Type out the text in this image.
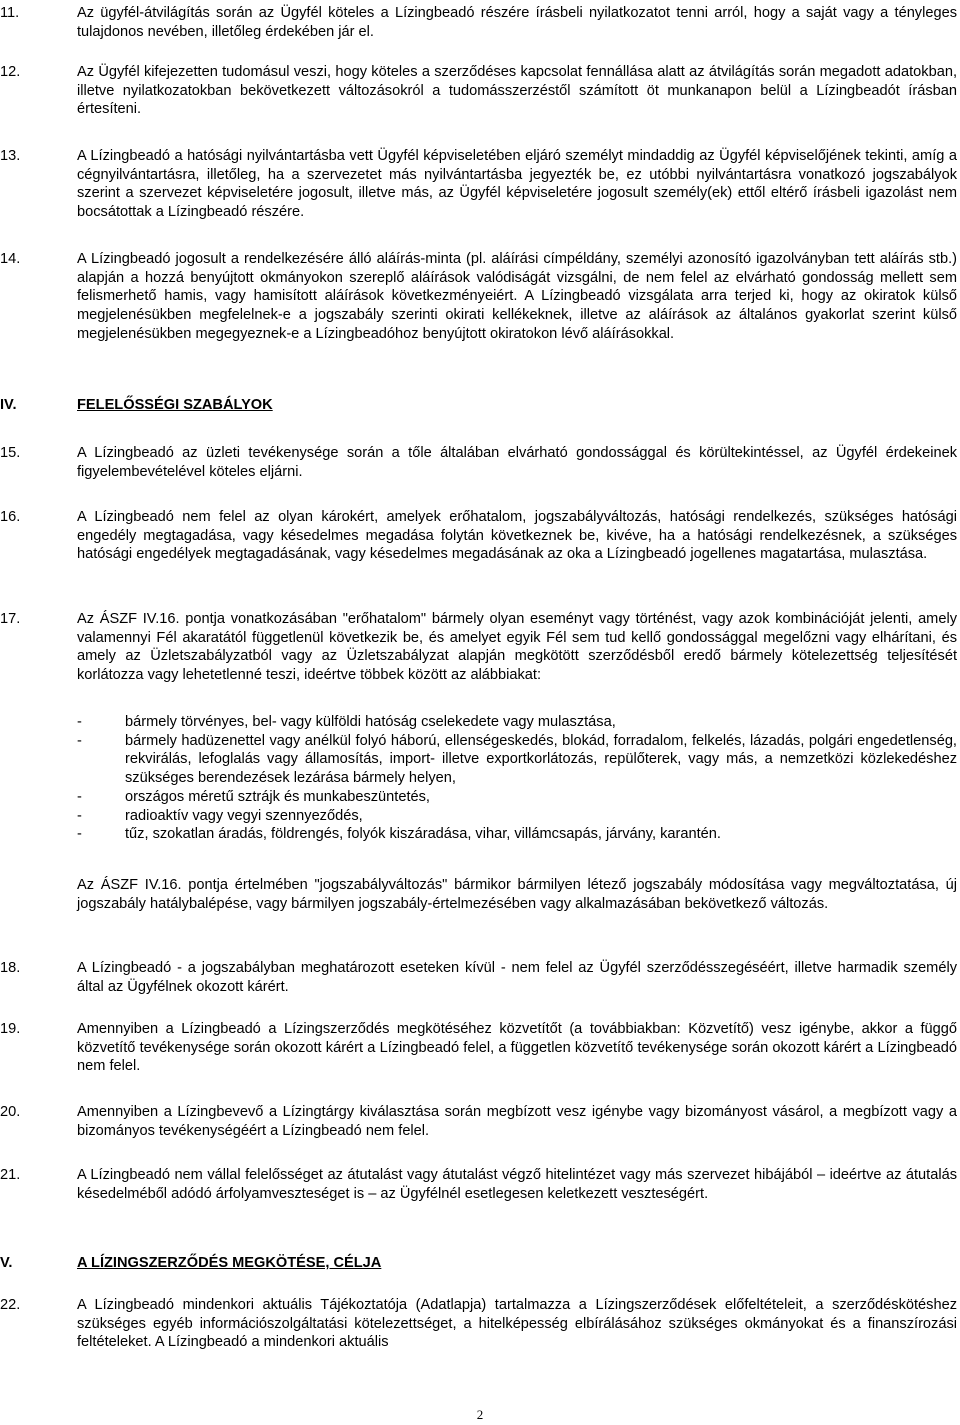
11.	Az ügyfél-átvilágítás során az Ügyfél köteles a Lízingbeadó részére írásbeli nyilatkozatot tenni arról, hogy a saját vagy a tényleges tulajdonos nevében, illetőleg érdekében jár el.
12.	Az Ügyfél kifejezetten tudomásul veszi, hogy köteles a szerződéses kapcsolat fennállása alatt az átvilágítás során megadott adatokban, illetve nyilatkozatokban bekövetkezett változásokról a tudomásszerzéstől számított öt munkanapon belül a Lízingbeadót írásban értesíteni.
13.	A Lízingbeadó a hatósági nyilvántartásba vett Ügyfél képviseletében eljáró személyt mindaddig az Ügyfél képviselőjének tekinti, amíg a cégnyilvántartásra, illetőleg, ha a szervezetet más nyilvántartásba jegyezték be, ez utóbbi nyilvántartásra vonatkozó jogszabályok szerint a szervezet képviseletére jogosult, illetve más, az Ügyfél képviseletére jogosult személy(ek) ettől eltérő írásbeli igazolást nem bocsátottak a Lízingbeadó részére.
14.	A Lízingbeadó jogosult a rendelkezésére álló aláírás-minta (pl. aláírási címpéldány, személyi azonosító igazolványban tett aláírás stb.) alapján a hozzá benyújtott okmányokon szereplő aláírások valódiságát vizsgálni, de nem felel az elvárható gondosság mellett sem felismerhető hamis, vagy hamisított aláírások következményeiért. A Lízingbeadó vizsgálata arra terjed ki, hogy az okiratok külső megjelenésükben megfelelnek-e a jogszabály szerinti okirati kellékeknek, illetve az aláírások az általános gyakorlat szerint külső megjelenésükben megegyeznek-e a Lízingbeadóhoz benyújtott okiratokon lévő aláírásokkal.
IV.	FELELŐSSÉGI SZABÁLYOK
15.	A Lízingbeadó az üzleti tevékenysége során a tőle általában elvárható gondossággal és körültekintéssel, az Ügyfél érdekeinek figyelembevételével köteles eljárni.
16.	A Lízingbeadó nem felel az olyan károkért, amelyek erőhatalom, jogszabályváltozás, hatósági rendelkezés, szükséges hatósági engedély megtagadása, vagy késedelmes megadása folytán következnek be, kivéve, ha a hatósági rendelkezésnek, a szükséges hatósági engedélyek megtagadásának, vagy késedelmes megadásának az oka a Lízingbeadó jogellenes magatartása, mulasztása.
17.	Az ÁSZF IV.16. pontja vonatkozásában "erőhatalom" bármely olyan eseményt vagy történést, vagy azok kombinációját jelenti, amely valamennyi Fél akaratától függetlenül következik be, és amelyet egyik Fél sem tud kellő gondossággal megelőzni vagy elhárítani, és amely az Üzletszabályzatból vagy az Üzletszabályzat alapján megkötött szerződésből eredő bármely kötelezettség teljesítését korlátozza vagy lehetetlenné teszi, ideértve többek között az alábbiakat:
-	bármely törvényes, bel- vagy külföldi hatóság cselekedete vagy mulasztása,
-	bármely hadüzenettel vagy anélkül folyó háború, ellenségeskedés, blokád, forradalom, felkelés, lázadás, polgári engedetlenség, rekvirálás, lefoglalás vagy államosítás, import- illetve exportkorlátozás, repülőterek, vagy más, a nemzetközi közlekedéshez szükséges berendezések lezárása bármely helyen,
-	országos méretű sztrájk és munkabeszüntetés,
-	radioaktív vagy vegyi szennyeződés,
-	tűz, szokatlan áradás, földrengés, folyók kiszáradása, vihar, villámcsapás, járvány, karantén.
Az ÁSZF IV.16. pontja értelmében "jogszabályváltozás" bármikor bármilyen létező jogszabály módosítása vagy megváltoztatása, új jogszabály hatálybalépése, vagy bármilyen jogszabály-értelmezésében vagy alkalmazásában bekövetkező változás.
18.	A Lízingbeadó - a jogszabályban meghatározott eseteken kívül - nem felel az Ügyfél szerződésszegéséért, illetve harmadik személy által az Ügyfélnek okozott kárért.
19.	Amennyiben a Lízingbeadó a Lízingszerződés megkötéséhez közvetítőt (a továbbiakban: Közvetítő) vesz igénybe, akkor a függő közvetítő tevékenysége során okozott kárért a Lízingbeadó felel, a független közvetítő tevékenysége során okozott kárért a Lízingbeadó nem felel.
20.	Amennyiben a Lízingbevevő a Lízingtárgy kiválasztása során megbízott vesz igénybe vagy bizományost vásárol, a megbízott vagy a bizományos tevékenységéért a Lízingbeadó nem felel.
21.	A Lízingbeadó nem vállal felelősséget az átutalást vagy átutalást végző hitelintézet vagy más szervezet hibájából – ideértve az átutalás késedelméből adódó árfolyamveszteséget is – az Ügyfélnél esetlegesen keletkezett veszteségért.
V.	A LÍZINGSZERZŐDÉS MEGKÖTÉSE, CÉLJA
22.	A Lízingbeadó mindenkori aktuális Tájékoztatója (Adatlapja) tartalmazza a Lízingszerződések előfeltételeit, a szerződéskötéshez szükséges egyéb információszolgáltatási kötelezettséget, a hitelképesség elbírálásához szükséges okmányokat és a finanszírozási feltételeket. A Lízingbeadó a mindenkori aktuális
2
